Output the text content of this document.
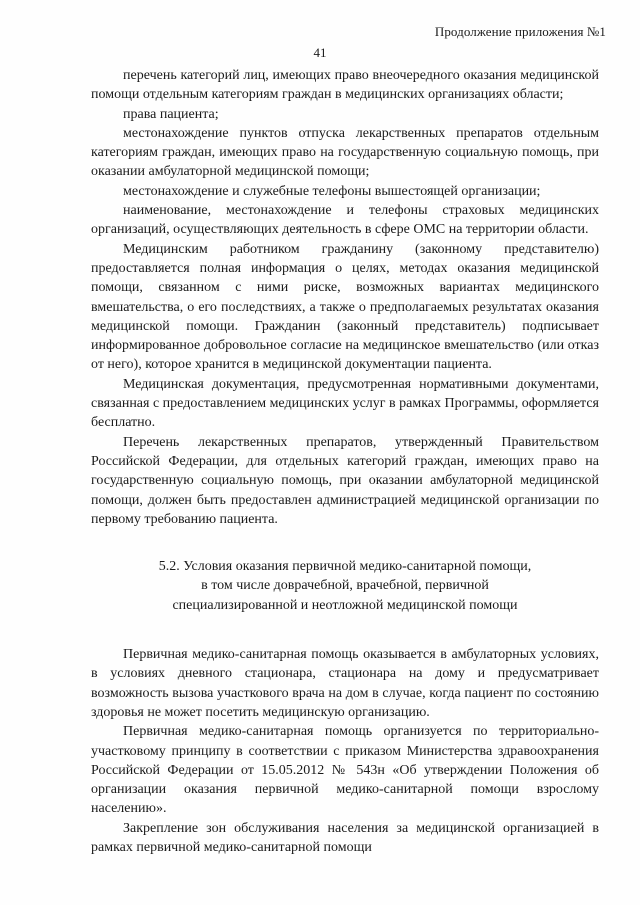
Продолжение приложения №1
41

перечень категорий лиц, имеющих право внеочередного оказания медицинской помощи отдельным категориям граждан в медицинских организациях области;

права пациента;

местонахождение пунктов отпуска лекарственных препаратов отдельным категориям граждан, имеющих право на государственную социальную помощь, при оказании амбулаторной медицинской помощи;

местонахождение и служебные телефоны вышестоящей организации;

наименование, местонахождение и телефоны страховых медицинских организаций, осуществляющих деятельность в сфере ОМС на территории области.

Медицинским работником гражданину (законному представителю) предоставляется полная информация о целях, методах оказания медицинской помощи, связанном с ними риске, возможных вариантах медицинского вмешательства, о его последствиях, а также о предполагаемых результатах оказания медицинской помощи. Гражданин (законный представитель) подписывает информированное добровольное согласие на медицинское вмешательство (или отказ от него), которое хранится в медицинской документации пациента.

Медицинская документация, предусмотренная нормативными документами, связанная с предоставлением медицинских услуг в рамках Программы, оформляется бесплатно.

Перечень лекарственных препаратов, утвержденный Правительством Российской Федерации, для отдельных категорий граждан, имеющих право на государственную социальную помощь, при оказании амбулаторной медицинской помощи, должен быть предоставлен администрацией медицинской организации по первому требованию пациента.

5.2. Условия оказания первичной медико-санитарной помощи,
в том числе доврачебной, врачебной, первичной
специализированной и неотложной медицинской помощи

Первичная медико-санитарная помощь оказывается в амбулаторных условиях, в условиях дневного стационара, стационара на дому и предусматривает возможность вызова участкового врача на дом в случае, когда пациент по состоянию здоровья не может посетить медицинскую организацию.

Первичная медико-санитарная помощь организуется по территориально-участковому принципу в соответствии с приказом Министерства здравоохранения Российской Федерации от 15.05.2012 № 543н «Об утверждении Положения об организации оказания первичной медико-санитарной помощи взрослому населению».

Закрепление зон обслуживания населения за медицинской организацией в рамках первичной медико-санитарной помощи
